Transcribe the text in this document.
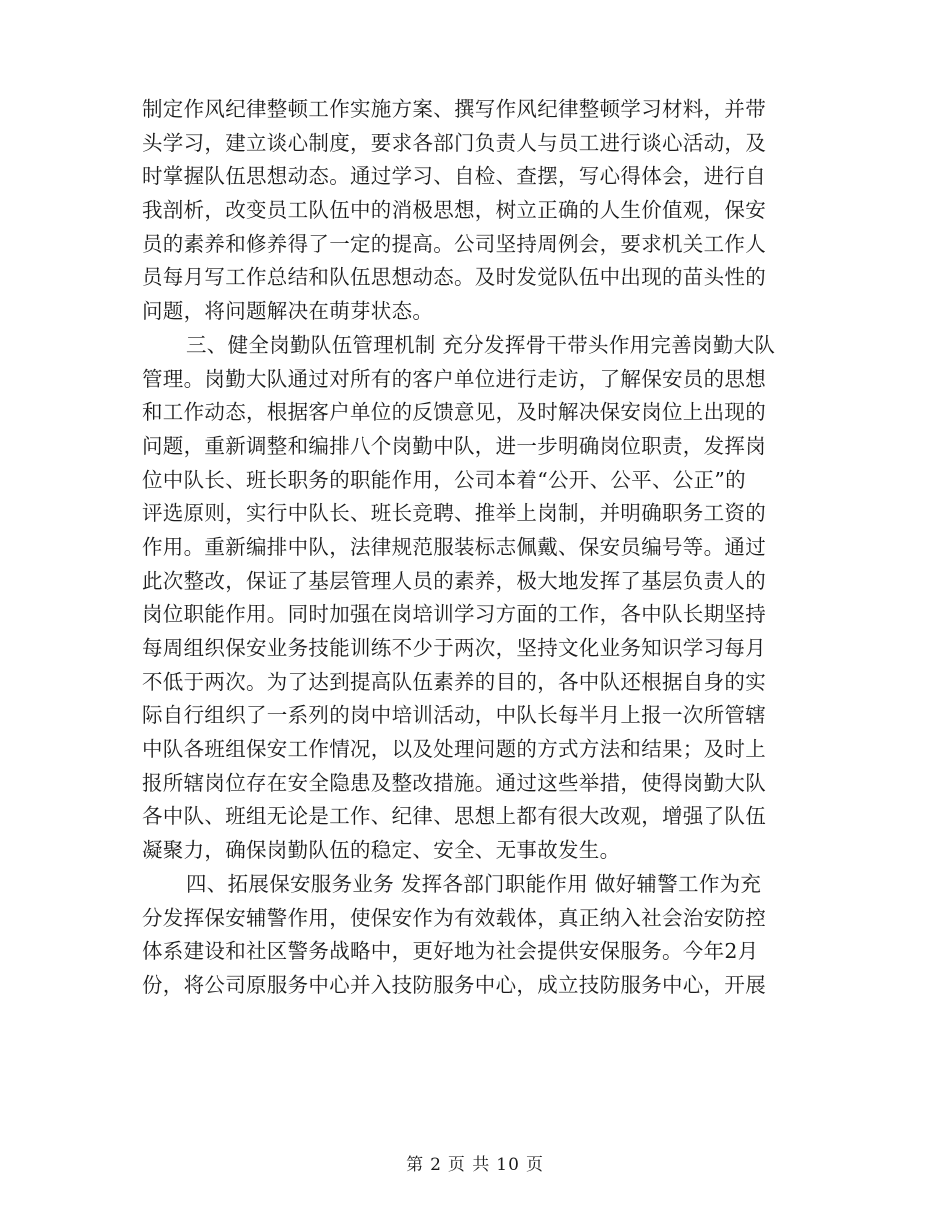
制定作风纪律整顿工作实施方案、撰写作风纪律整顿学习材料，并带
头学习，建立谈心制度，要求各部门负责人与员工进行谈心活动，及
时掌握队伍思想动态。通过学习、自检、查摆，写心得体会，进行自
我剖析，改变员工队伍中的消极思想，树立正确的人生价值观，保安
员的素养和修养得了一定的提高。公司坚持周例会，要求机关工作人
员每月写工作总结和队伍思想动态。及时发觉队伍中出现的苗头性的
问题，将问题解决在萌芽状态。
三、健全岗勤队伍管理机制 充分发挥骨干带头作用完善岗勤大队
管理。岗勤大队通过对所有的客户单位进行走访，了解保安员的思想
和工作动态，根据客户单位的反馈意见，及时解决保安岗位上出现的
问题，重新调整和编排八个岗勤中队，进一步明确岗位职责，发挥岗
位中队长、班长职务的职能作用，公司本着“公开、公平、公正”的
评选原则，实行中队长、班长竞聘、推举上岗制，并明确职务工资的
作用。重新编排中队，法律规范服装标志佩戴、保安员编号等。通过
此次整改，保证了基层管理人员的素养，极大地发挥了基层负责人的
岗位职能作用。同时加强在岗培训学习方面的工作，各中队长期坚持
每周组织保安业务技能训练不少于两次，坚持文化业务知识学习每月
不低于两次。为了达到提高队伍素养的目的，各中队还根据自身的实
际自行组织了一系列的岗中培训活动，中队长每半月上报一次所管辖
中队各班组保安工作情况，以及处理问题的方式方法和结果；及时上
报所辖岗位存在安全隐患及整改措施。通过这些举措，使得岗勤大队
各中队、班组无论是工作、纪律、思想上都有很大改观，增强了队伍
凝聚力，确保岗勤队伍的稳定、安全、无事故发生。
四、拓展保安服务业务 发挥各部门职能作用 做好辅警工作为充
分发挥保安辅警作用，使保安作为有效载体，真正纳入社会治安防控
体系建设和社区警务战略中，更好地为社会提供安保服务。今年2月
份，将公司原服务中心并入技防服务中心，成立技防服务中心，开展
第 2 页 共 10 页
